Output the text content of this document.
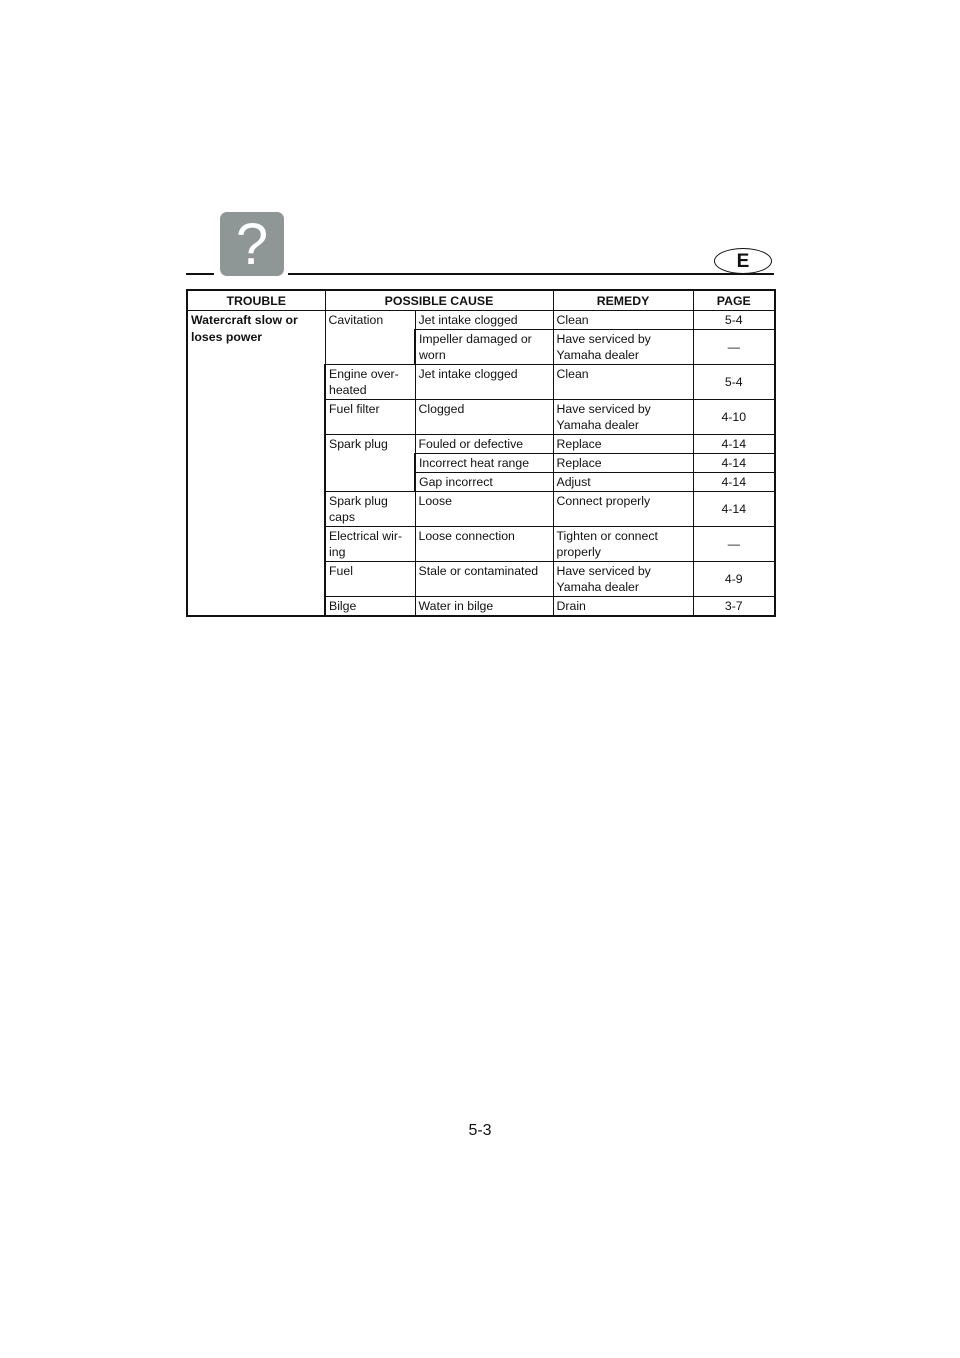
?	E
TROUBLE	POSSIBLE CAUSE		REMEDY	PAGE
Watercraft slow or loses power	Cavitation	Jet intake clogged	Clean	5-4
		Impeller damaged or worn	Have serviced by Yamaha dealer	—
	Engine over-heated	Jet intake clogged	Clean	5-4
	Fuel filter	Clogged	Have serviced by Yamaha dealer	4-10
	Spark plug	Fouled or defective	Replace	4-14
		Incorrect heat range	Replace	4-14
		Gap incorrect	Adjust	4-14
	Spark plug caps	Loose	Connect properly	4-14
	Electrical wir-ing	Loose connection	Tighten or connect properly	—
	Fuel	Stale or contaminated	Have serviced by Yamaha dealer	4-9
	Bilge	Water in bilge	Drain	3-7
5-3
